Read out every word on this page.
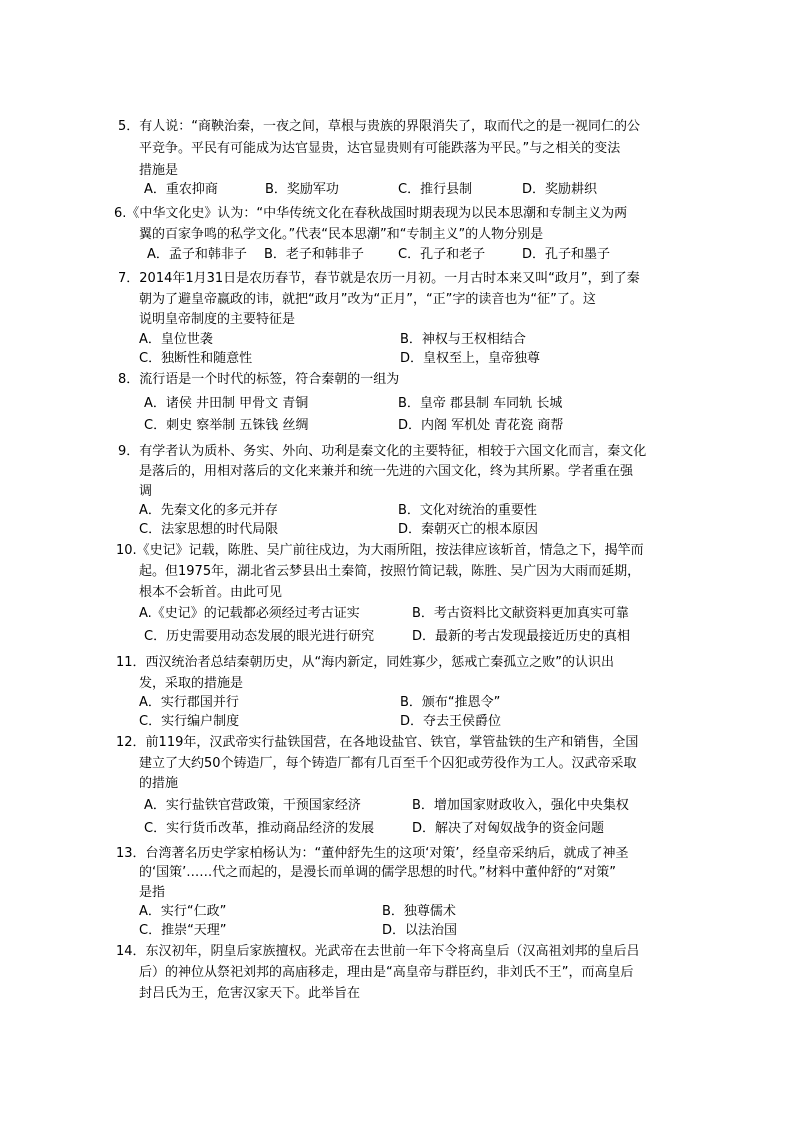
5．有人说：“商鞅治秦，一夜之间，草根与贵族的界限消失了，取而代之的是一视同仁的公
平竞争。平民有可能成为达官显贵，达官显贵则有可能跌落为平民。”与之相关的变法
措施是
A．重农抑商	B．奖励军功	C．推行县制	D．奖励耕织
6.《中华文化史》认为：“中华传统文化在春秋战国时期表现为以民本思潮和专制主义为两
翼的百家争鸣的私学文化。”代表“民本思潮”和“专制主义”的人物分别是
A．孟子和韩非子 B．老子和韩非子	C．孔子和老子	D．孔子和墨子
7．2014年1月31日是农历春节，春节就是农历一月初。一月古时本来又叫“政月”，到了秦
朝为了避皇帝嬴政的讳，就把“政月”改为“正月”，“正”字的读音也为“征”了。这
说明皇帝制度的主要特征是
A．皇位世袭	B．神权与王权相结合
C．独断性和随意性	D．皇权至上，皇帝独尊
8．流行语是一个时代的标签，符合秦朝的一组为
A．诸侯 井田制 甲骨文 青铜	B．皇帝 郡县制 车同轨 长城
C．刺史 察举制 五铢钱 丝绸	D．内阁 军机处 青花瓷 商帮
9．有学者认为质朴、务实、外向、功利是秦文化的主要特征，相较于六国文化而言，秦文化
是落后的，用相对落后的文化来兼并和统一先进的六国文化，终为其所累。学者重在强
调
A．先秦文化的多元并存	B．文化对统治的重要性
C．法家思想的时代局限	D．秦朝灭亡的根本原因
10.《史记》记载，陈胜、吴广前往戍边，为大雨所阻，按法律应该斩首，情急之下，揭竿而
起。但1975年，湖北省云梦县出土秦简，按照竹简记载，陈胜、吴广因为大雨而延期，
根本不会斩首。由此可见
A.《史记》的记载都必须经过考古证实	B．考古资料比文献资料更加真实可靠
C．历史需要用动态发展的眼光进行研究	D．最新的考古发现最接近历史的真相
11．西汉统治者总结秦朝历史，从“海内新定，同姓寡少，惩戒亡秦孤立之败”的认识出
发，采取的措施是
A．实行郡国并行	B．颁布“推恩令”
C．实行编户制度	D．夺去王侯爵位
12．前119年，汉武帝实行盐铁国营，在各地设盐官、铁官，掌管盐铁的生产和销售，全国
建立了大约50个铸造厂，每个铸造厂都有几百至千个囚犯或劳役作为工人。汉武帝采取
的措施
A．实行盐铁官营政策，干预国家经济	B．增加国家财政收入，强化中央集权
C．实行货币改革，推动商品经济的发展	D．解决了对匈奴战争的资金问题
13．台湾著名历史学家柏杨认为：“董仲舒先生的这项‘对策’，经皇帝采纳后，就成了神圣
的‘国策’……代之而起的，是漫长而单调的儒学思想的时代。”材料中董仲舒的“对策”
是指
A．实行“仁政”	B．独尊儒术
C．推崇“天理”	D．以法治国
14．东汉初年，阴皇后家族擅权。光武帝在去世前一年下令将高皇后（汉高祖刘邦的皇后吕
后）的神位从祭祀刘邦的高庙移走，理由是“高皇帝与群臣约，非刘氏不王”，而高皇后
封吕氏为王，危害汉家天下。此举旨在
